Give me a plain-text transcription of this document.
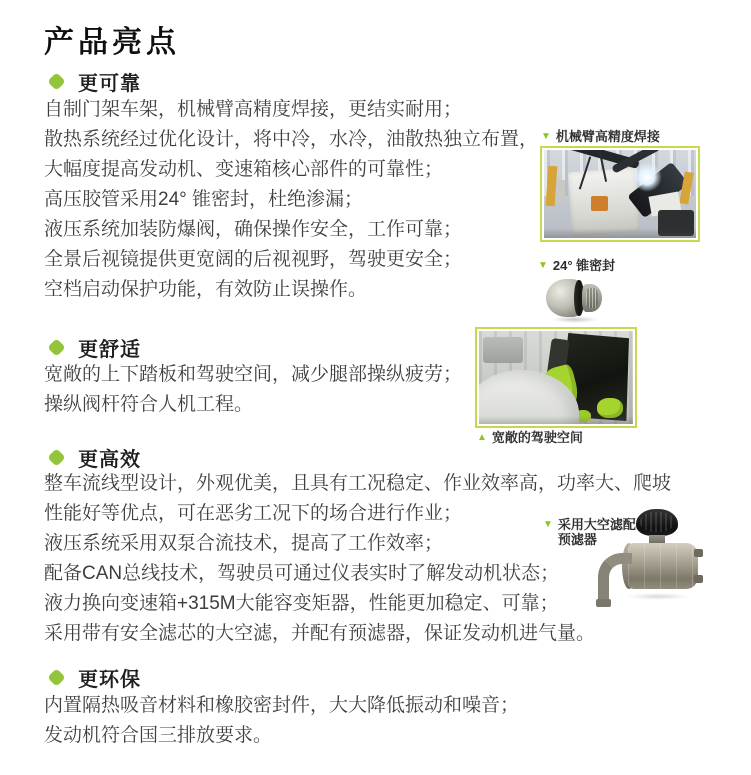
产品亮点
更可靠
自制门架车架，机械臂高精度焊接，更结实耐用；
散热系统经过优化设计，将中冷，水冷，油散热独立布置，
大幅度提高发动机、变速箱核心部件的可靠性；
高压胶管采用24° 锥密封，杜绝渗漏；
液压系统加装防爆阀，确保操作安全，工作可靠；
全景后视镜提供更宽阔的后视视野，驾驶更安全；
空档启动保护功能，有效防止误操作。
更舒适
宽敞的上下踏板和驾驶空间，减少腿部操纵疲劳；
操纵阀杆符合人机工程。
更高效
整车流线型设计，外观优美，且具有工况稳定、作业效率高，功率大、爬坡
性能好等优点，可在恶劣工况下的场合进行作业；
液压系统采用双泵合流技术，提高了工作效率；
配备CAN总线技术，驾驶员可通过仪表实时了解发动机状态；
液力换向变速箱+315M大能容变矩器，性能更加稳定、可靠；
采用带有安全滤芯的大空滤，并配有预滤器，保证发动机进气量。
更环保
内置隔热吸音材料和橡胶密封件，大大降低振动和噪音；
发动机符合国三排放要求。
▼ 机械臂高精度焊接
▼ 24° 锥密封
▲ 宽敞的驾驶空间
▼ 采用大空滤配
预滤器
